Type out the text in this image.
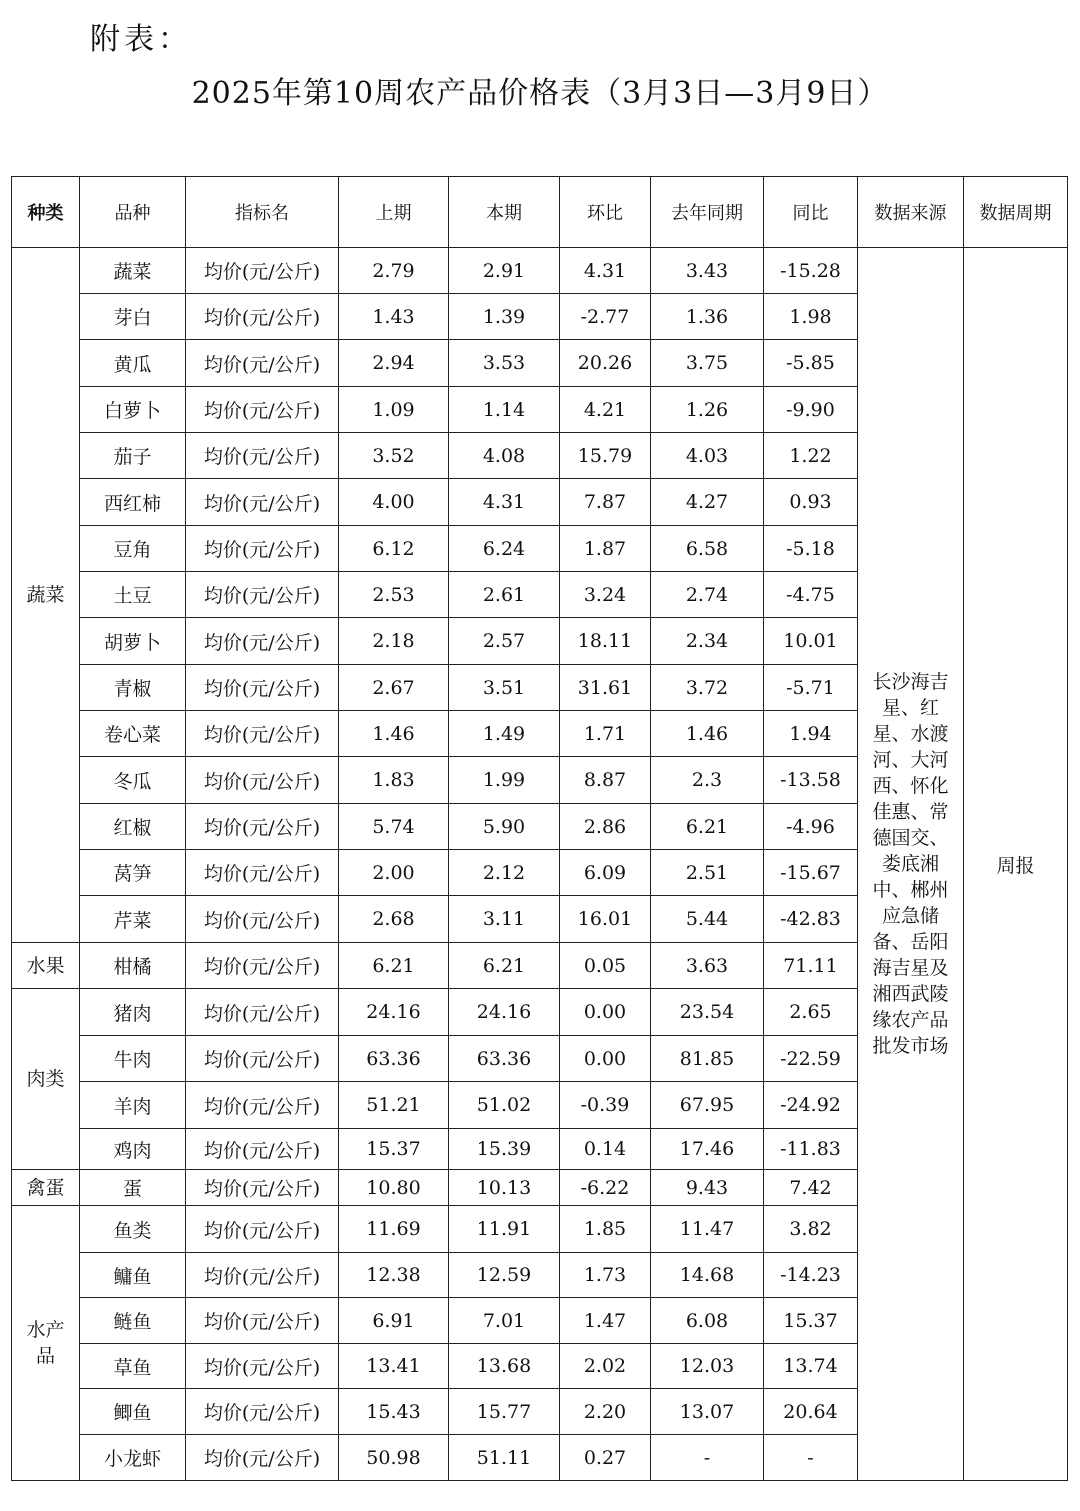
附表：
2025年第10周农产品价格表（3月3日—3月9日）
种类	品种	指标名	上期	本期	环比	去年同期	同比	数据来源	数据周期
蔬菜	蔬菜	均价(元/公斤)	2.79	2.91	4.31	3.43	-15.28	长沙海吉星、红星、水渡河、大河西、怀化佳惠、常德国交、娄底湘中、郴州应急储备、岳阳海吉星及湘西武陵缘农产品批发市场	周报
	芽白	均价(元/公斤)	1.43	1.39	-2.77	1.36	1.98		
	黄瓜	均价(元/公斤)	2.94	3.53	20.26	3.75	-5.85		
	白萝卜	均价(元/公斤)	1.09	1.14	4.21	1.26	-9.90		
	茄子	均价(元/公斤)	3.52	4.08	15.79	4.03	1.22		
	西红柿	均价(元/公斤)	4.00	4.31	7.87	4.27	0.93		
	豆角	均价(元/公斤)	6.12	6.24	1.87	6.58	-5.18		
	土豆	均价(元/公斤)	2.53	2.61	3.24	2.74	-4.75		
	胡萝卜	均价(元/公斤)	2.18	2.57	18.11	2.34	10.01		
	青椒	均价(元/公斤)	2.67	3.51	31.61	3.72	-5.71		
	卷心菜	均价(元/公斤)	1.46	1.49	1.71	1.46	1.94		
	冬瓜	均价(元/公斤)	1.83	1.99	8.87	2.3	-13.58		
	红椒	均价(元/公斤)	5.74	5.90	2.86	6.21	-4.96		
	莴笋	均价(元/公斤)	2.00	2.12	6.09	2.51	-15.67		
	芹菜	均价(元/公斤)	2.68	3.11	16.01	5.44	-42.83		
水果	柑橘	均价(元/公斤)	6.21	6.21	0.05	3.63	71.11		
肉类	猪肉	均价(元/公斤)	24.16	24.16	0.00	23.54	2.65		
	牛肉	均价(元/公斤)	63.36	63.36	0.00	81.85	-22.59		
	羊肉	均价(元/公斤)	51.21	51.02	-0.39	67.95	-24.92		
	鸡肉	均价(元/公斤)	15.37	15.39	0.14	17.46	-11.83		
禽蛋	蛋	均价(元/公斤)	10.80	10.13	-6.22	9.43	7.42		
水产品	鱼类	均价(元/公斤)	11.69	11.91	1.85	11.47	3.82		
	鳙鱼	均价(元/公斤)	12.38	12.59	1.73	14.68	-14.23		
	鲢鱼	均价(元/公斤)	6.91	7.01	1.47	6.08	15.37		
	草鱼	均价(元/公斤)	13.41	13.68	2.02	12.03	13.74		
	鲫鱼	均价(元/公斤)	15.43	15.77	2.20	13.07	20.64		
	小龙虾	均价(元/公斤)	50.98	51.11	0.27	-	-		
